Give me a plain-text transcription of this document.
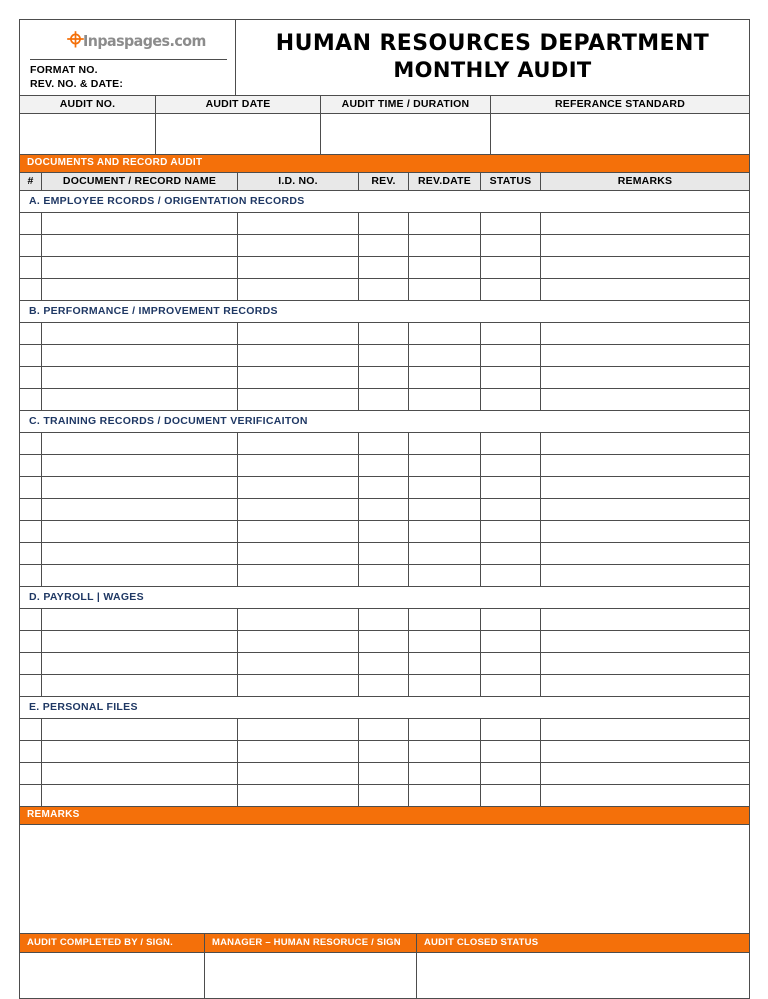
Inpaspages.com
FORMAT NO.
REV. NO. & DATE:
HUMAN RESOURCES DEPARTMENT
MONTHLY AUDIT
AUDIT NO.	AUDIT DATE	AUDIT TIME / DURATION	REFERANCE STANDARD
DOCUMENTS AND RECORD AUDIT
#	DOCUMENT / RECORD NAME	I.D. NO.	REV.	REV.DATE	STATUS	REMARKS
A. EMPLOYEE RCORDS / ORIGENTATION RECORDS
B. PERFORMANCE / IMPROVEMENT RECORDS
C. TRAINING RECORDS / DOCUMENT VERIFICAITON
D. PAYROLL | WAGES
E. PERSONAL FILES
REMARKS
AUDIT COMPLETED BY / SIGN.	MANAGER – HUMAN RESORUCE / SIGN	AUDIT CLOSED STATUS
